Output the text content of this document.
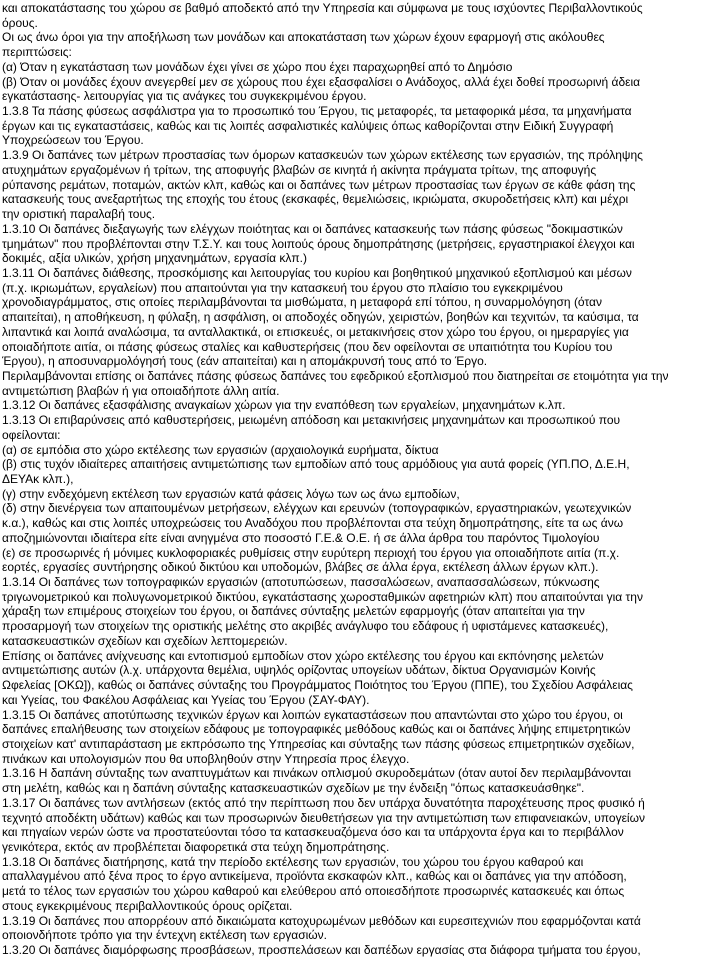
και αποκατάστασης του χώρου σε βαθμό αποδεκτό από την Υπηρεσία και σύμφωνα με τους ισχύοντες Περιβαλλοντικούς
όρους.
Οι ως άνω όροι για την αποξήλωση των μονάδων και αποκατάσταση των χώρων έχουν εφαρμογή στις ακόλουθες
περιπτώσεις:
(α) Όταν η εγκατάσταση των μονάδων έχει γίνει σε χώρο που έχει παραχωρηθεί από το Δημόσιο
(β) Όταν οι μονάδες έχουν ανεγερθεί μεν σε χώρους που έχει εξασφαλίσει ο Ανάδοχος, αλλά έχει δοθεί προσωρινή άδεια
εγκατάστασης- λειτουργίας για τις ανάγκες του συγκεκριμένου έργου.
1.3.8 Τα πάσης φύσεως ασφάλιστρα για το προσωπικό του Έργου, τις μεταφορές, τα μεταφορικά μέσα, τα μηχανήματα
έργων και τις εγκαταστάσεις, καθώς και τις λοιπές ασφαλιστικές καλύψεις όπως καθορίζονται στην Ειδική Συγγραφή
Υποχρεώσεων του Έργου.
1.3.9 Οι δαπάνες των μέτρων προστασίας των όμορων κατασκευών των χώρων εκτέλεσης των εργασιών, της πρόληψης
ατυχημάτων εργαζομένων ή τρίτων, της αποφυγής βλαβών σε κινητά ή ακίνητα πράγματα τρίτων, της αποφυγής
ρύπανσης ρεμάτων, ποταμών, ακτών κλπ, καθώς και οι δαπάνες των μέτρων προστασίας των έργων σε κάθε φάση της
κατασκευής τους ανεξαρτήτως της εποχής του έτους (εκσκαφές, θεμελιώσεις, ικριώματα, σκυροδετήσεις κλπ) και μέχρι
την οριστική παραλαβή τους.
1.3.10 Οι δαπάνες διεξαγωγής των ελέγχων ποιότητας και οι δαπάνες κατασκευής των πάσης φύσεως "δοκιμαστικών
τμημάτων" που προβλέπονται στην Τ.Σ.Υ. και τους λοιπούς όρους δημοπράτησης (μετρήσεις, εργαστηριακοί έλεγχοι και
δοκιμές, αξία υλικών, χρήση μηχανημάτων, εργασία κλπ.)
1.3.11 Οι δαπάνες διάθεσης, προσκόμισης και λειτουργίας του κυρίου και βοηθητικού μηχανικού εξοπλισμού και μέσων
(π.χ. ικριωμάτων, εργαλείων) που απαιτούνται για την κατασκευή του έργου στο πλαίσιο του εγκεκριμένου
χρονοδιαγράμματος, στις οποίες περιλαμβάνονται τα μισθώματα, η μεταφορά επί τόπου, η συναρμολόγηση (όταν
απαιτείται), η αποθήκευση, η φύλαξη, η ασφάλιση, οι αποδοχές οδηγών, χειριστών, βοηθών και τεχνιτών, τα καύσιμα, τα
λιπαντικά και λοιπά αναλώσιμα, τα ανταλλακτικά, οι επισκευές, οι μετακινήσεις στον χώρο του έργου, οι ημεραργίες για
οποιαδήποτε αιτία, οι πάσης φύσεως σταλίες και καθυστερήσεις (που δεν οφείλονται σε υπαιτιότητα του Κυρίου του
Έργου), η αποσυναρμολόγησή τους (εάν απαιτείται) και η απομάκρυνσή τους από το Έργο.
Περιλαμβάνονται επίσης οι δαπάνες πάσης φύσεως δαπάνες του εφεδρικού εξοπλισμού που διατηρείται σε ετοιμότητα για την
αντιμετώπιση βλαβών ή για οποιαδήποτε άλλη αιτία.
1.3.12 Οι δαπάνες εξασφάλισης αναγκαίων χώρων για την εναπόθεση των εργαλείων, μηχανημάτων κ.λπ.
1.3.13 Οι επιβαρύνσεις από καθυστερήσεις, μειωμένη απόδοση και μετακινήσεις μηχανημάτων και προσωπικού που
οφείλονται:
(α) σε εμπόδια στο χώρο εκτέλεσης των εργασιών (αρχαιολογικά ευρήματα, δίκτυα
(β) στις τυχόν ιδιαίτερες απαιτήσεις αντιμετώπισης των εμποδίων από τους αρμόδιους για αυτά φορείς (ΥΠ.ΠΟ, Δ.Ε.Η,
ΔΕΥΑκ κλπ.),
(γ) στην ενδεχόμενη εκτέλεση των εργασιών κατά φάσεις λόγω των ως άνω εμποδίων,
(δ) στην διενέργεια των απαιτουμένων μετρήσεων, ελέγχων και ερευνών (τοπογραφικών, εργαστηριακών, γεωτεχνικών
κ.α.), καθώς και στις λοιπές υποχρεώσεις του Αναδόχου που προβλέπονται στα τεύχη δημοπράτησης, είτε τα ως άνω
αποζημιώνονται ιδιαίτερα είτε είναι ανηγμένα στο ποσοστό Γ.Ε.& Ο.Ε. ή σε άλλα άρθρα του παρόντος Τιμολογίου
(ε) σε προσωρινές ή μόνιμες κυκλοφοριακές ρυθμίσεις στην ευρύτερη περιοχή του έργου για οποιαδήποτε αιτία (π.χ.
εορτές, εργασίες συντήρησης οδικού δικτύου και υποδομών, βλάβες σε άλλα έργα, εκτέλεση άλλων έργων κλπ.).
1.3.14 Οι δαπάνες των τοπογραφικών εργασιών (αποτυπώσεων, πασσαλώσεων, αναπασσαλώσεων, πύκνωσης
τριγωνομετρικού και πολυγωνομετρικού δικτύου, εγκατάστασης χωροσταθμικών αφετηριών κλπ) που απαιτούνται για την
χάραξη των επιμέρους στοιχείων του έργου, οι δαπάνες σύνταξης μελετών εφαρμογής (όταν απαιτείται για την
προσαρμογή των στοιχείων της οριστικής μελέτης στο ακριβές ανάγλυφο του εδάφους ή υφιστάμενες κατασκευές),
κατασκευαστικών σχεδίων και σχεδίων λεπτομερειών.
Επίσης οι δαπάνες ανίχνευσης και εντοπισμού εμποδίων στον χώρο εκτέλεσης του έργου και εκπόνησης μελετών
αντιμετώπισης αυτών (λ.χ. υπάρχοντα θεμέλια, υψηλός ορίζοντας υπογείων υδάτων, δίκτυα Οργανισμών Κοινής
Ωφελείας [ΟΚΩ]), καθώς οι δαπάνες σύνταξης του Προγράμματος Ποιότητος του Έργου (ΠΠΕ), του Σχεδίου Ασφάλειας
και Υγείας, του Φακέλου Ασφάλειας και Υγείας του Έργου (ΣΑΥ-ΦΑΥ).
1.3.15 Οι δαπάνες αποτύπωσης τεχνικών έργων και λοιπών εγκαταστάσεων που απαντώνται στο χώρο του έργου, οι
δαπάνες επαλήθευσης των στοιχείων εδάφους με τοπογραφικές μεθόδους καθώς και οι δαπάνες λήψης επιμετρητικών
στοιχείων κατ' αντιπαράσταση με εκπρόσωπο της Υπηρεσίας και σύνταξης των πάσης φύσεως επιμετρητικών σχεδίων,
πινάκων και υπολογισμών που θα υποβληθούν στην Υπηρεσία προς έλεγχο.
1.3.16 Η δαπάνη σύνταξης των αναπτυγμάτων και πινάκων οπλισμού σκυροδεμάτων (όταν αυτοί δεν περιλαμβάνονται
στη μελέτη, καθώς και η δαπάνη σύνταξης κατασκευαστικών σχεδίων με την ένδειξη "όπως κατασκευάσθηκε".
1.3.17 Οι δαπάνες των αντλήσεων (εκτός από την περίπτωση που δεν υπάρχα δυνατότητα παροχέτευσης προς φυσικό ή
τεχνητό αποδέκτη υδάτων) καθώς και των προσωρινών διευθετήσεων για την αντιμετώπιση των επιφανειακών, υπογείων
και πηγαίων νερών ώστε να προστατεύονται τόσο τα κατασκευαζόμενα όσο και τα υπάρχοντα έργα και το περιβάλλον
γενικότερα, εκτός αν προβλέπεται διαφορετικά στα τεύχη δημοπράτησης.
1.3.18 Οι δαπάνες διατήρησης, κατά την περίοδο εκτέλεσης των εργασιών, του χώρου του έργου καθαρού και
απαλλαγμένου από ξένα προς το έργο αντικείμενα, προϊόντα εκσκαφών κλπ., καθώς και οι δαπάνες για την απόδοση,
μετά το τέλος των εργασιών του χώρου καθαρού και ελεύθερου από οποιεσδήποτε προσωρινές κατασκευές και όπως
στους εγκεκριμένους περιβαλλοντικούς όρους ορίζεται.
1.3.19 Οι δαπάνες που απορρέουν από δικαιώματα κατοχυρωμένων μεθόδων και ευρεσιτεχνιών που εφαρμόζονται κατά
οποιονδήποτε τρόπο για την έντεχνη εκτέλεση των εργασιών.
1.3.20 Οι δαπάνες διαμόρφωσης προσβάσεων, προσπελάσεων και δαπέδων εργασίας στα διάφορα τμήματα του έργου,
